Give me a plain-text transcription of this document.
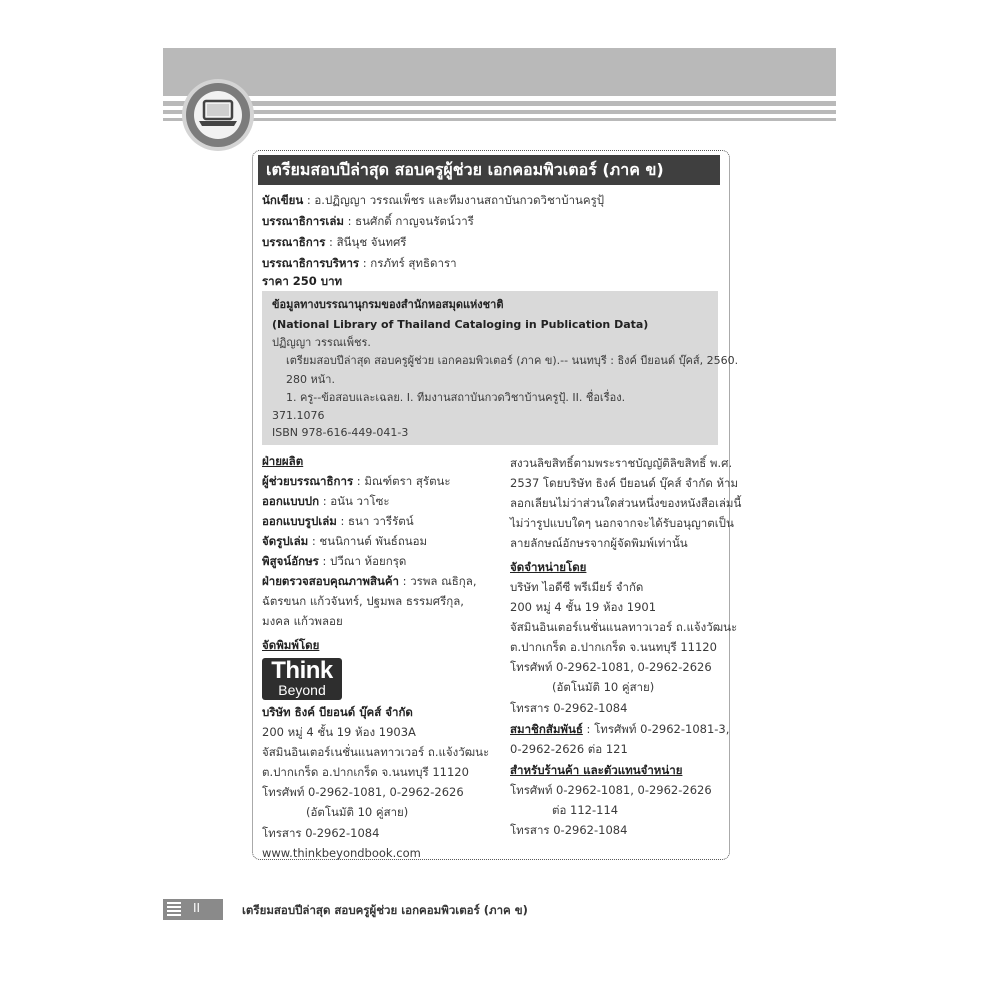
เตรียมสอบปีล่าสุด สอบครูผู้ช่วย เอกคอมพิวเตอร์ (ภาค ข)
นักเขียน : อ.ปฏิญญา วรรณเพ็ชร และทีมงานสถาบันกวดวิชาบ้านครูปุ้
บรรณาธิการเล่ม : ธนศักดิ์ กาญจนรัตน์วารี
บรรณาธิการ : สินีนุช จันทศรี
บรรณาธิการบริหาร : กรภัทร์ สุทธิดารา
ราคา 250 บาท
ข้อมูลทางบรรณานุกรมของสำนักหอสมุดแห่งชาติ
(National Library of Thailand Cataloging in Publication Data)
ปฏิญญา วรรณเพ็ชร.
เตรียมสอบปีล่าสุด สอบครูผู้ช่วย เอกคอมพิวเตอร์ (ภาค ข).-- นนทบุรี : ธิงค์ บียอนด์ บุ๊คส์, 2560.
280 หน้า.
1. ครู--ข้อสอบและเฉลย. I. ทีมงานสถาบันกวดวิชาบ้านครูปุ้. II. ชื่อเรื่อง.
371.1076
ISBN 978-616-449-041-3
ฝ่ายผลิต
ผู้ช่วยบรรณาธิการ : มิณฑ์ตรา สุรัตนะ
ออกแบบปก : อนัน วาโซะ
ออกแบบรูปเล่ม : ธนา วารีรัตน์
จัดรูปเล่ม : ชนนิกานต์ พันธ์ถนอม
พิสูจน์อักษร : ปวีณา ห้อยกรุด
ฝ่ายตรวจสอบคุณภาพสินค้า : วรพล ณธิกุล,
ฉัตรขนก แก้วจันทร์, ปฐมพล ธรรมศรีกุล,
มงคล แก้วพลอย
จัดพิมพ์โดย
Think
Beyond
บริษัท ธิงค์ บียอนด์ บุ๊คส์ จำกัด
200 หมู่ 4 ชั้น 19 ห้อง 1903A
จัสมินอินเตอร์เนชั่นแนลทาวเวอร์ ถ.แจ้งวัฒนะ
ต.ปากเกร็ด อ.ปากเกร็ด จ.นนทบุรี 11120
โทรศัพท์ 0-2962-1081, 0-2962-2626
(อัตโนมัติ 10 คู่สาย)
โทรสาร 0-2962-1084
www.thinkbeyondbook.com
สงวนลิขสิทธิ์ตามพระราชบัญญัติลิขสิทธิ์ พ.ศ.
2537 โดยบริษัท ธิงค์ บียอนด์ บุ๊คส์ จำกัด ห้าม
ลอกเลียนไม่ว่าส่วนใดส่วนหนึ่งของหนังสือเล่มนี้
ไม่ว่ารูปแบบใดๆ นอกจากจะได้รับอนุญาตเป็น
ลายลักษณ์อักษรจากผู้จัดพิมพ์เท่านั้น
จัดจำหน่ายโดย
บริษัท ไอดีซี พรีเมียร์ จำกัด
200 หมู่ 4 ชั้น 19 ห้อง 1901
จัสมินอินเตอร์เนชั่นแนลทาวเวอร์ ถ.แจ้งวัฒนะ
ต.ปากเกร็ด อ.ปากเกร็ด จ.นนทบุรี 11120
โทรศัพท์ 0-2962-1081, 0-2962-2626
(อัตโนมัติ 10 คู่สาย)
โทรสาร 0-2962-1084
สมาชิกสัมพันธ์ : โทรศัพท์ 0-2962-1081-3,
0-2962-2626 ต่อ 121
สำหรับร้านค้า และตัวแทนจำหน่าย
โทรศัพท์ 0-2962-1081, 0-2962-2626
ต่อ 112-114
โทรสาร 0-2962-1084
II	เตรียมสอบปีล่าสุด สอบครูผู้ช่วย เอกคอมพิวเตอร์ (ภาค ข)
